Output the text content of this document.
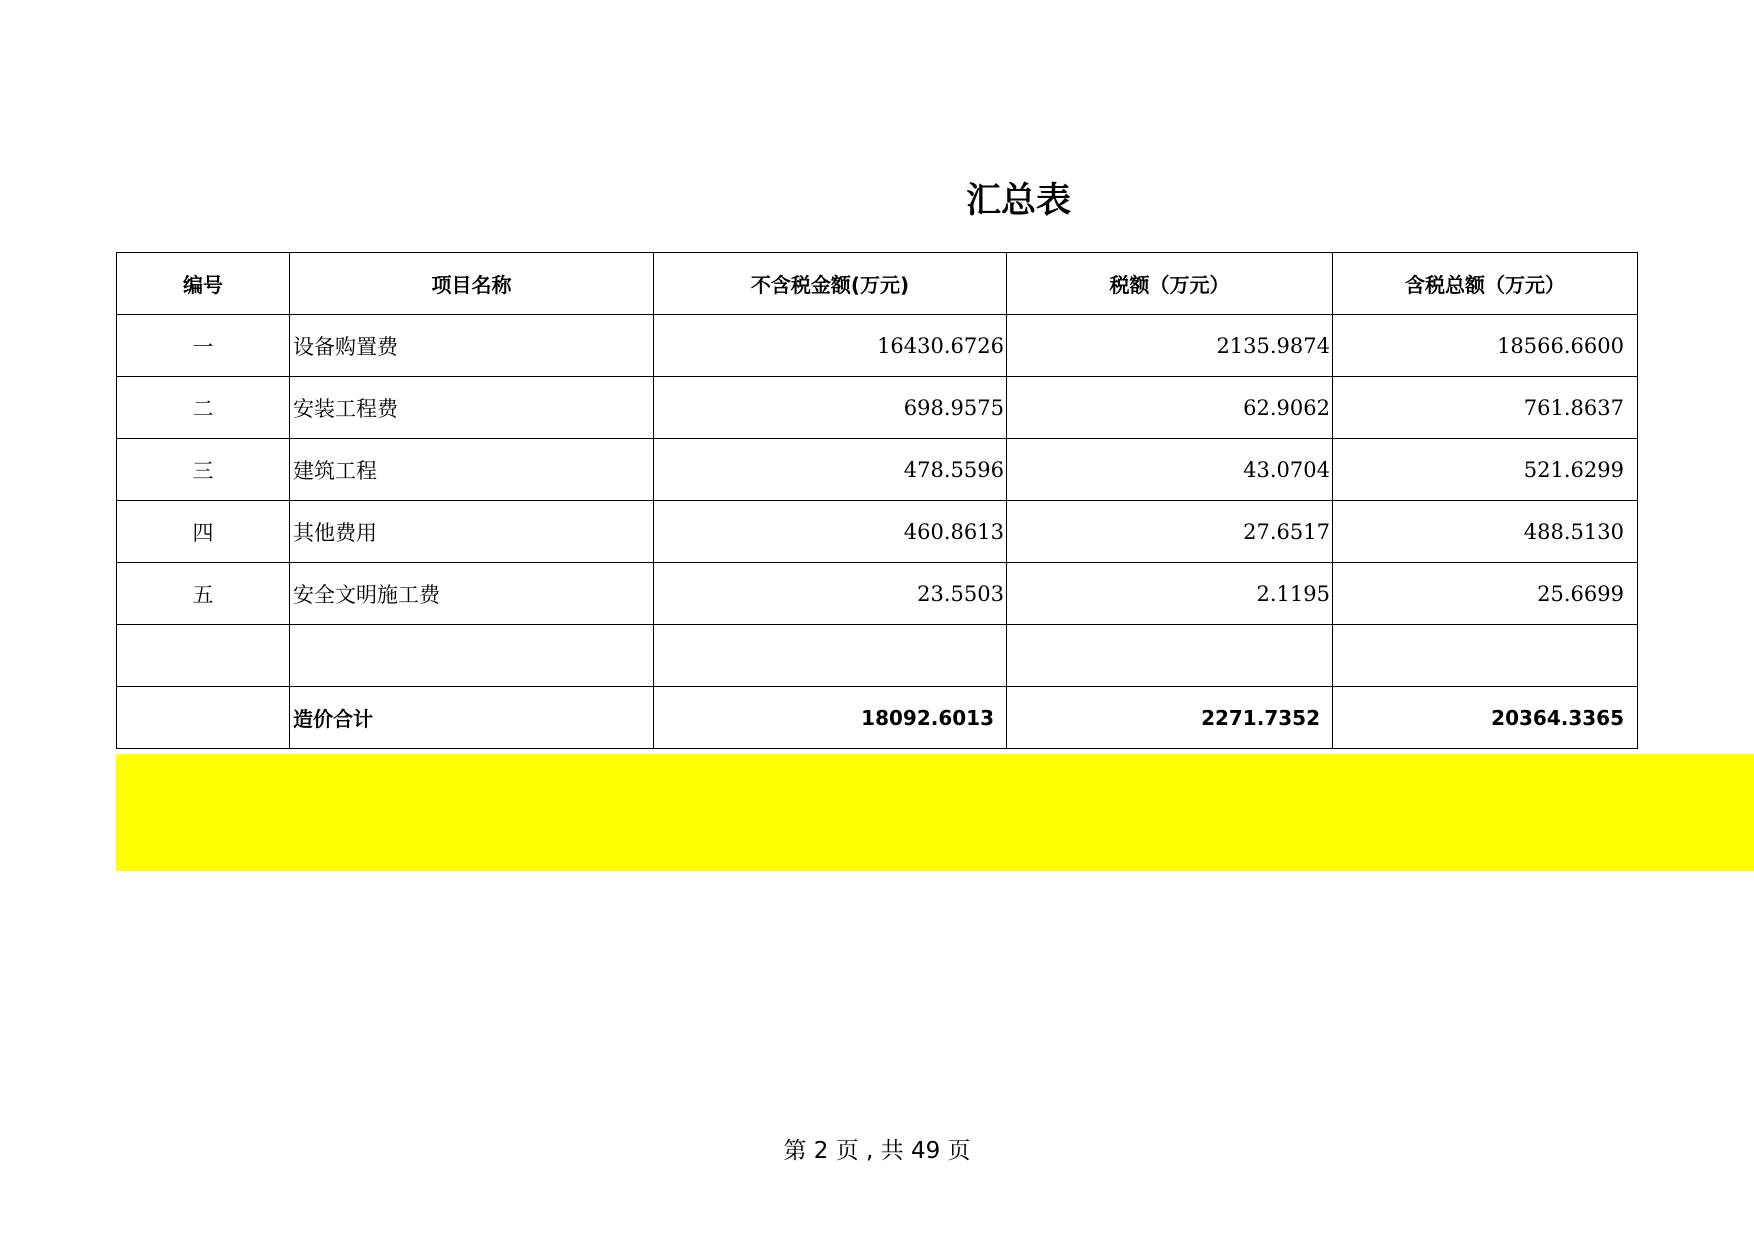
汇总表
编号	项目名称	不含税金额(万元)	税额（万元）	含税总额（万元）
一	设备购置费	16430.6726	2135.9874	18566.6600
二	安装工程费	698.9575	62.9062	761.8637
三	建筑工程	478.5596	43.0704	521.6299
四	其他费用	460.8613	27.6517	488.5130
五	安全文明施工费	23.5503	2.1195	25.6699

	造价合计	18092.6013	2271.7352	20364.3365
第 2 页 , 共 49 页
